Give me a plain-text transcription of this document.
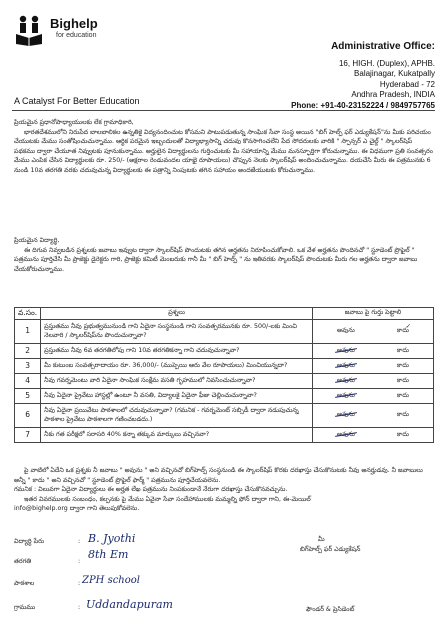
Bighelp
for education
A Catalyst For Better Education
Administrative Office:
16, HIGH. (Duplex), APHB.
Balajinagar, Kukatpally
Hyderabad - 72
Andhra Pradesh, INDIA
Phone: +91-40-23152224 / 9849757765

ప్రియమైన ప్రధానోపాధ్యాయులకు లేక గ్రామాధికారి,

భారతదేశములోని నిరుపేద బాలబాలికల ఉన్నతికై విద్యనందించుట కోసమని పాటుపడుతున్న సాంఘిక సేవా సంస్థ అయిన "బిగ్ హెల్ప్ ఫర్ ఎడ్యుకేషన్"ను మీకు పరిచయం చేయుటకు మేము సంతోషించుచున్నాము. ఆర్థిక పరమైన ఇబ్బందులతో విద్యాభ్యాసాన్ని చదువు కొనసాగించలేని పేద సోదరులకు వారికి " స్పాన్సర్ ఎ చైల్డ్ " స్కాలర్‌షిప్ పథకము ద్వారా చేయూత నివ్వుటకు పూనుకున్నాము. అర్హులైన విద్యార్థులను గుర్తించుటకు మీ సహాయాన్ని మేము మనస్ఫూర్తిగా కోరుచున్నాము. ఈ విధముగా ప్రతి సంవత్సరం మేము ఎంపిక చేసిన విద్యార్థులకు రూ. 250/- (అక్షరాల రెండువందల యాభై రూపాయలు) చొప్పున నెలకు స్కాలర్‌షిప్ అందించుచున్నాము. దయచేసి మీరు ఈ పత్రమునకు 6 నుండి 10వ తరగతి వరకు చదువుచున్న విద్యార్థులకు ఈ పత్రాన్ని నింపుటకు తగిన సహాయం అందజేయుటకు కోరుచున్నాము.

ప్రియమైన విద్యార్థి,

ఈ దిగువ నివ్వబడిన ప్రశ్నలకు జవాబు ఇవ్వుట ద్వారా స్కాలర్‌షిప్ పొందుటకు తగిన అర్హతను నిరూపించుకోవాలి. ఒక వేళ అర్హతను పొందినచో " స్టూడెంట్ ప్రొఫైల్ " పత్రమును పూర్తిచేసి మీ ప్రాజెక్టు డైరెక్టరు గారి, ప్రాజెక్టు కమిటీ మెంబరుకు గానీ మీ " బిగ్ హెల్ప్ " ను ఇతివరకు స్కాలర్‌షిప్ పొందుటకు మీరు గల అర్హతను ద్వారా జవాబు చేయకోరుచున్నాము.

వ.సం.	ప్రశ్నలు	జవాబు పై గుర్తు పెట్టాలి
1	ప్రస్తుతము నీవు ప్రభుత్వమునుండి గాని ఏదైనా సంస్థనుండి గాని సంవత్సరమునకు రూ. 500/-లకు మించి నెలవారి / స్కాలర్‌షిప్‌ను పొందుచున్నావా?	అవును కాదు
✓

2	ప్రస్తుతము నీవు 6వ తరగతిలోపు గాని 10వ తరగతికన్నా గాని చదువుచున్నావా?	అవును కాదు

3	మీ కుటుంబ సంవత్సరాదాయం రూ. 36,000/- (ముప్పెయి ఆరు వేల రూపాయలు) మించియున్నదా?	అవును కాదు

4	నీవు గవర్నమెంటు వారి ఏదైనా సాంఘిక సంక్షేమ వసతి గృహములో నివసించుచున్నావా?	అవును కాదు

5	నీవు ఏదైనా ప్రైవేటు హాస్టల్లో ఉంటూ నీ వసతి, విద్యాలకై ఏదైనా ఫీజు చెల్లించుచున్నావా?	అవును కాదు

6	నీవు ఏదైనా ప్రయివేటు పాఠశాలలో చదువుచున్నావా? (గమనిక - గవర్నమెంట్ సబ్సిడీ ద్వారా నడుపుచున్న పాఠశాల ప్రైవేటు పాఠశాలగా గణించబడదు.)	అవును కాదు

7	నీకు గత పరీక్షలో సరాసరి 40% కన్నా తక్కువ మార్కులు వచ్చినవా?	అవును కాదు

పై వాటిలో ఏదేని ఒక ప్రశ్నకు నీ జవాబు " అవును " అని వచ్చినచో బిగ్‌హెల్ప్ సంస్థనుండి ఈ స్కాలర్‌షిప్ కొరకు దరఖాస్తు చేసుకొనుటకు నీవు అనర్హుడవు. నీ జవాబులు అన్నీ " కాదు " అని వచ్చినచో " స్టూడెంట్ ప్రొఫైల్ ఫార్మ్ " పత్రమును పూర్తిచేయవలెను.

గమనిక : విలువగా ఏదైనా విద్యార్థులు ఈ అర్హత లేఖ పత్రమును నింపకుండానే నేరుగా దరఖాస్తు చేసుకొనవచ్చును.

ఇతర వివరములకు సంబంధం, కల్పనకు పై మేము ఏవైనా సేవా సందేహాములకు మమ్మల్ని ఫోన్ ద్వారా గాని, ఈ-మెయిల్

info@bighelp.org ద్వారా గాని తెలుపుకోవలెను.

విద్యార్థి పేరు	: B. Jyothi
తరగతి	:
8th Em
పాఠశాల	: ZPH school
గ్రామము	: Uddandapuram
మీ
బిగ్‌హెల్ప్ ఫర్ ఎడ్యుకేషన్
ఫౌండర్ & ప్రెసిడెంట్
